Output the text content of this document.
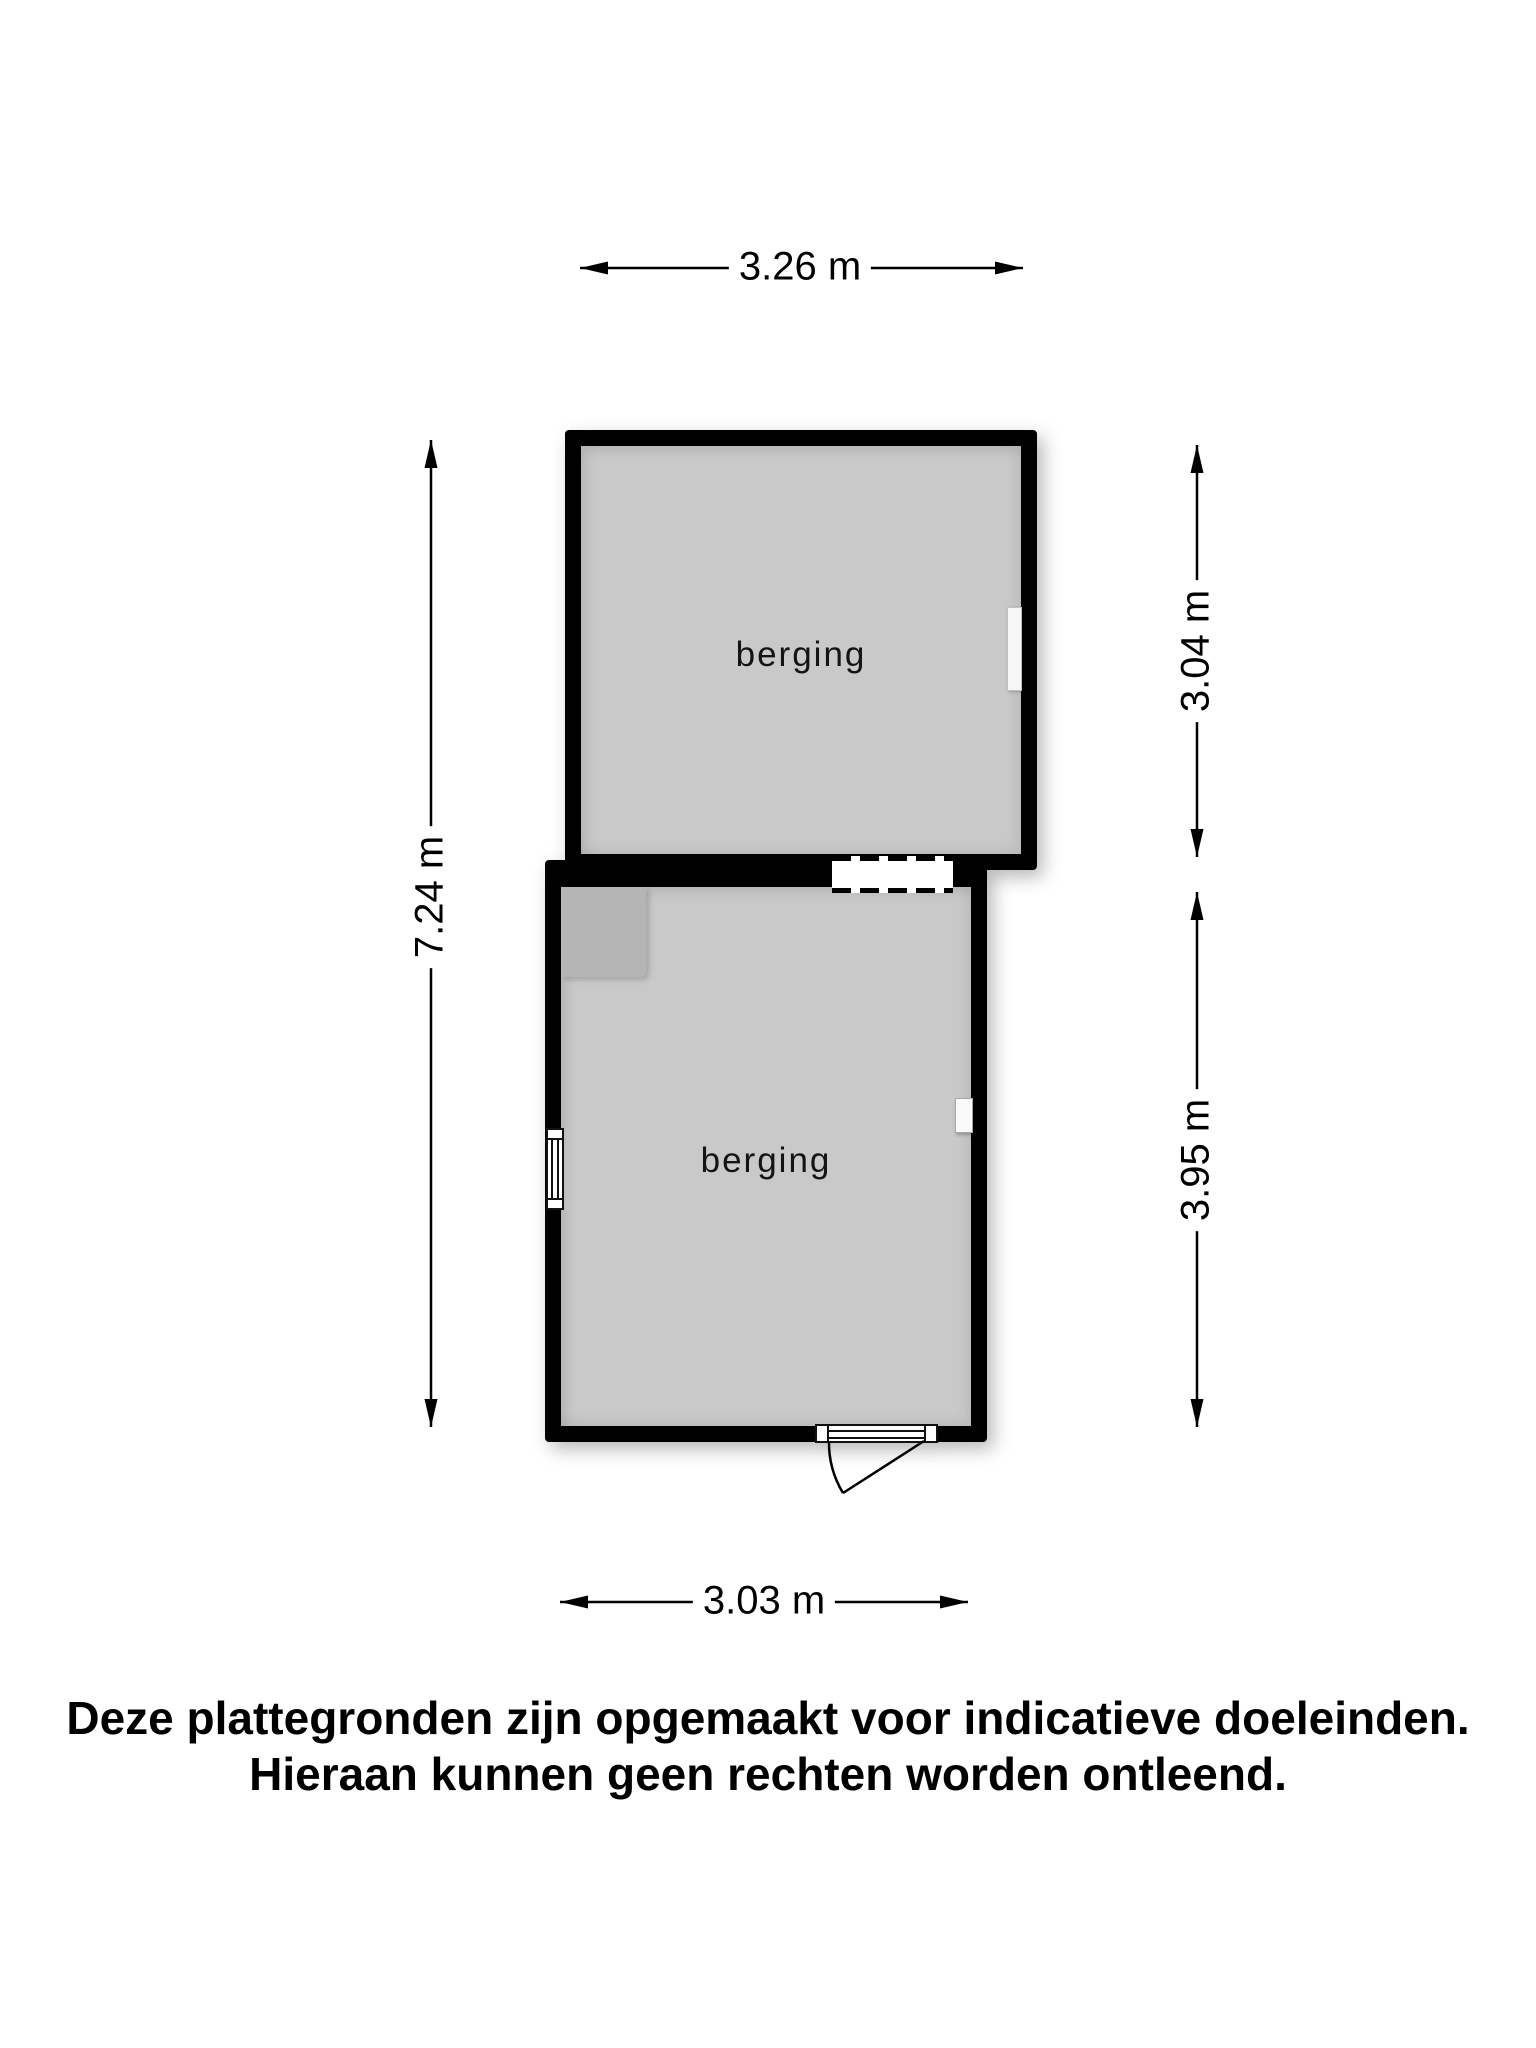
berging
berging
3.26 m
7.24 m
3.04 m
3.95 m
3.03 m
Deze plattegronden zijn opgemaakt voor indicatieve doeleinden.
Hieraan kunnen geen rechten worden ontleend.
